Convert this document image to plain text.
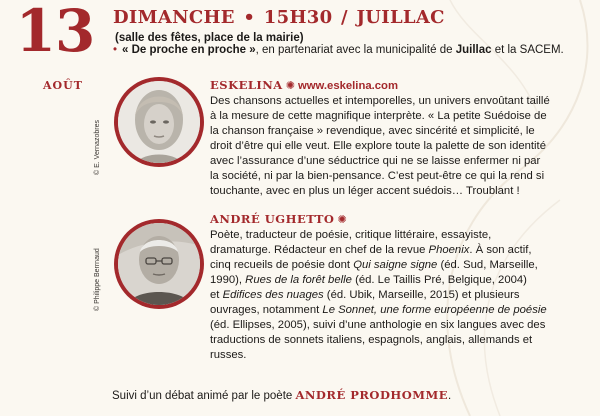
13
AOÛT
DIMANCHE • 15H30 / JUILLAC
(salle des fêtes, place de la mairie)
• « De proche en proche », en partenariat avec la municipalité de Juillac et la SACEM.
© E. Vernazobres
ESKELINA ✺ www.eskelina.com
Des chansons actuelles et intemporelles, un univers envoûtant taillé
à la mesure de cette magnifique interprète. « La petite Suédoise de
la chanson française » revendique, avec sincérité et simplicité, le
droit d’être qui elle veut. Elle explore toute la palette de son identité
avec l’assurance d’une séductrice qui ne se laisse enfermer ni par
la société, ni par la bien-pensance. C’est peut-être ce qui la rend si
touchante, avec en plus un léger accent suédois… Troublant !
© Philippe Berrnaud
ANDRÉ UGHETTO ✺
Poète, traducteur de poésie, critique littéraire, essayiste,
dramaturge. Rédacteur en chef de la revue Phoenix. À son actif,
cinq recueils de poésie dont Qui saigne signe (éd. Sud, Marseille,
1990), Rues de la forêt belle (éd. Le Taillis Pré, Belgique, 2004)
et Edifices des nuages (éd. Ubik, Marseille, 2015) et plusieurs
ouvrages, notamment Le Sonnet, une forme européenne de poésie
(éd. Ellipses, 2005), suivi d’une anthologie en six langues avec des
traductions de sonnets italiens, espagnols, anglais, allemands et
russes.
Suivi d’un débat animé par le poète ANDRÉ PRODHOMME.
